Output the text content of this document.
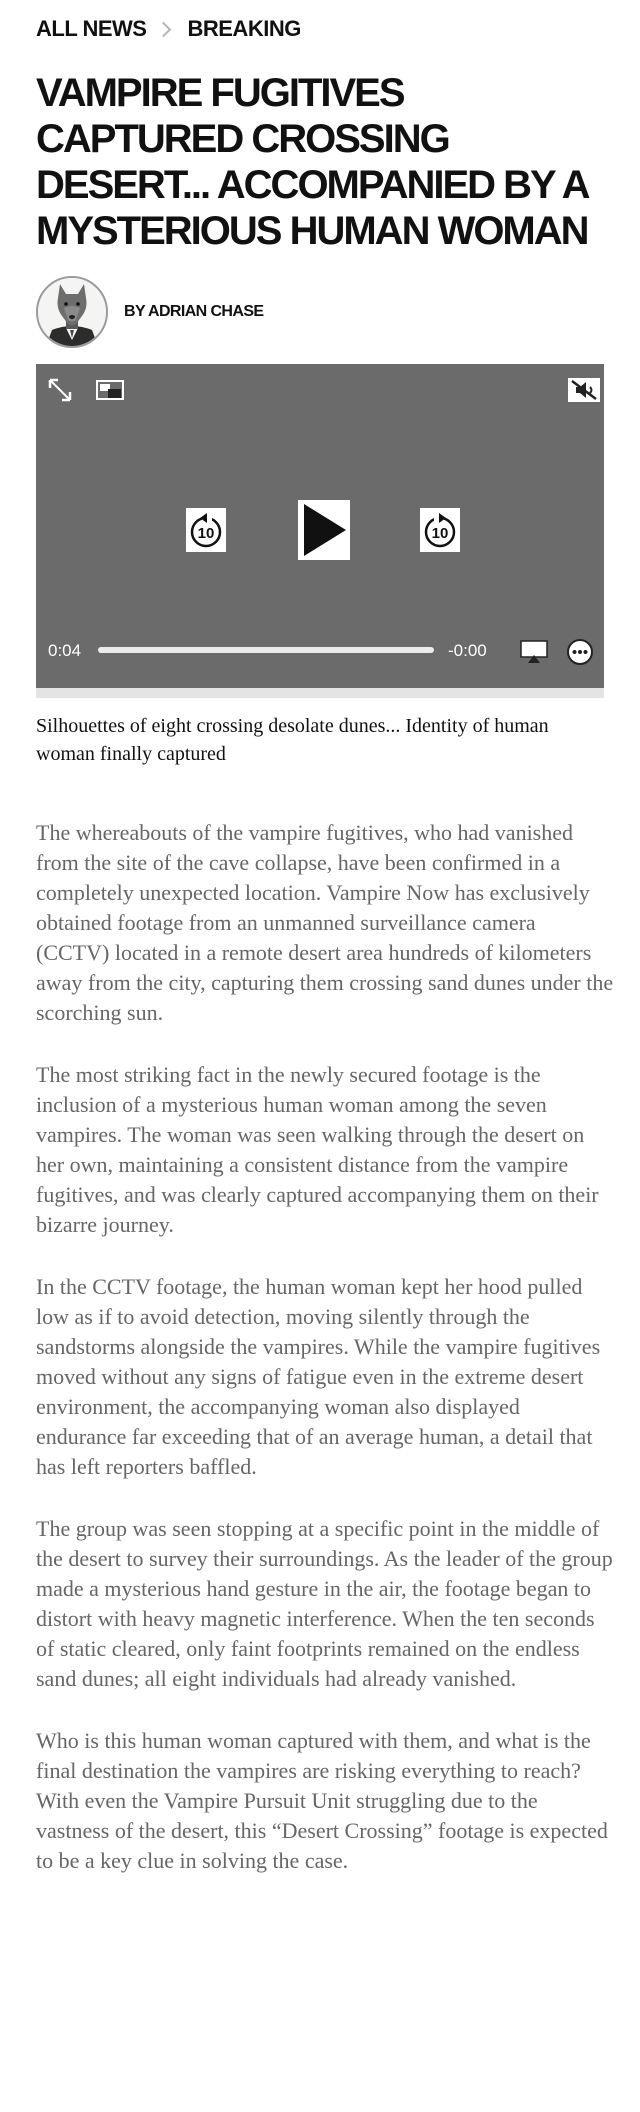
ALL NEWS BREAKING
VAMPIRE FUGITIVES CAPTURED CROSSING DESERT... ACCOMPANIED BY A MYSTERIOUS HUMAN WOMAN
BY ADRIAN CHASE
10	10
0:04	-0:00

Silhouettes of eight crossing desolate dunes... Identity of human woman finally captured

The whereabouts of the vampire fugitives, who had vanished from the site of the cave collapse, have been confirmed in a completely unexpected location. Vampire Now has exclusively obtained footage from an unmanned surveillance camera (CCTV) located in a remote desert area hundreds of kilometers away from the city, capturing them crossing sand dunes under the scorching sun.

The most striking fact in the newly secured footage is the inclusion of a mysterious human woman among the seven vampires. The woman was seen walking through the desert on her own, maintaining a consistent distance from the vampire fugitives, and was clearly captured accompanying them on their bizarre journey.

In the CCTV footage, the human woman kept her hood pulled low as if to avoid detection, moving silently through the sandstorms alongside the vampires. While the vampire fugitives moved without any signs of fatigue even in the extreme desert environment, the accompanying woman also displayed endurance far exceeding that of an average human, a detail that has left reporters baffled.

The group was seen stopping at a specific point in the middle of the desert to survey their surroundings. As the leader of the group made a mysterious hand gesture in the air, the footage began to distort with heavy magnetic interference. When the ten seconds of static cleared, only faint footprints remained on the endless sand dunes; all eight individuals had already vanished.

Who is this human woman captured with them, and what is the final destination the vampires are risking everything to reach? With even the Vampire Pursuit Unit struggling due to the vastness of the desert, this “Desert Crossing” footage is expected to be a key clue in solving the case.
